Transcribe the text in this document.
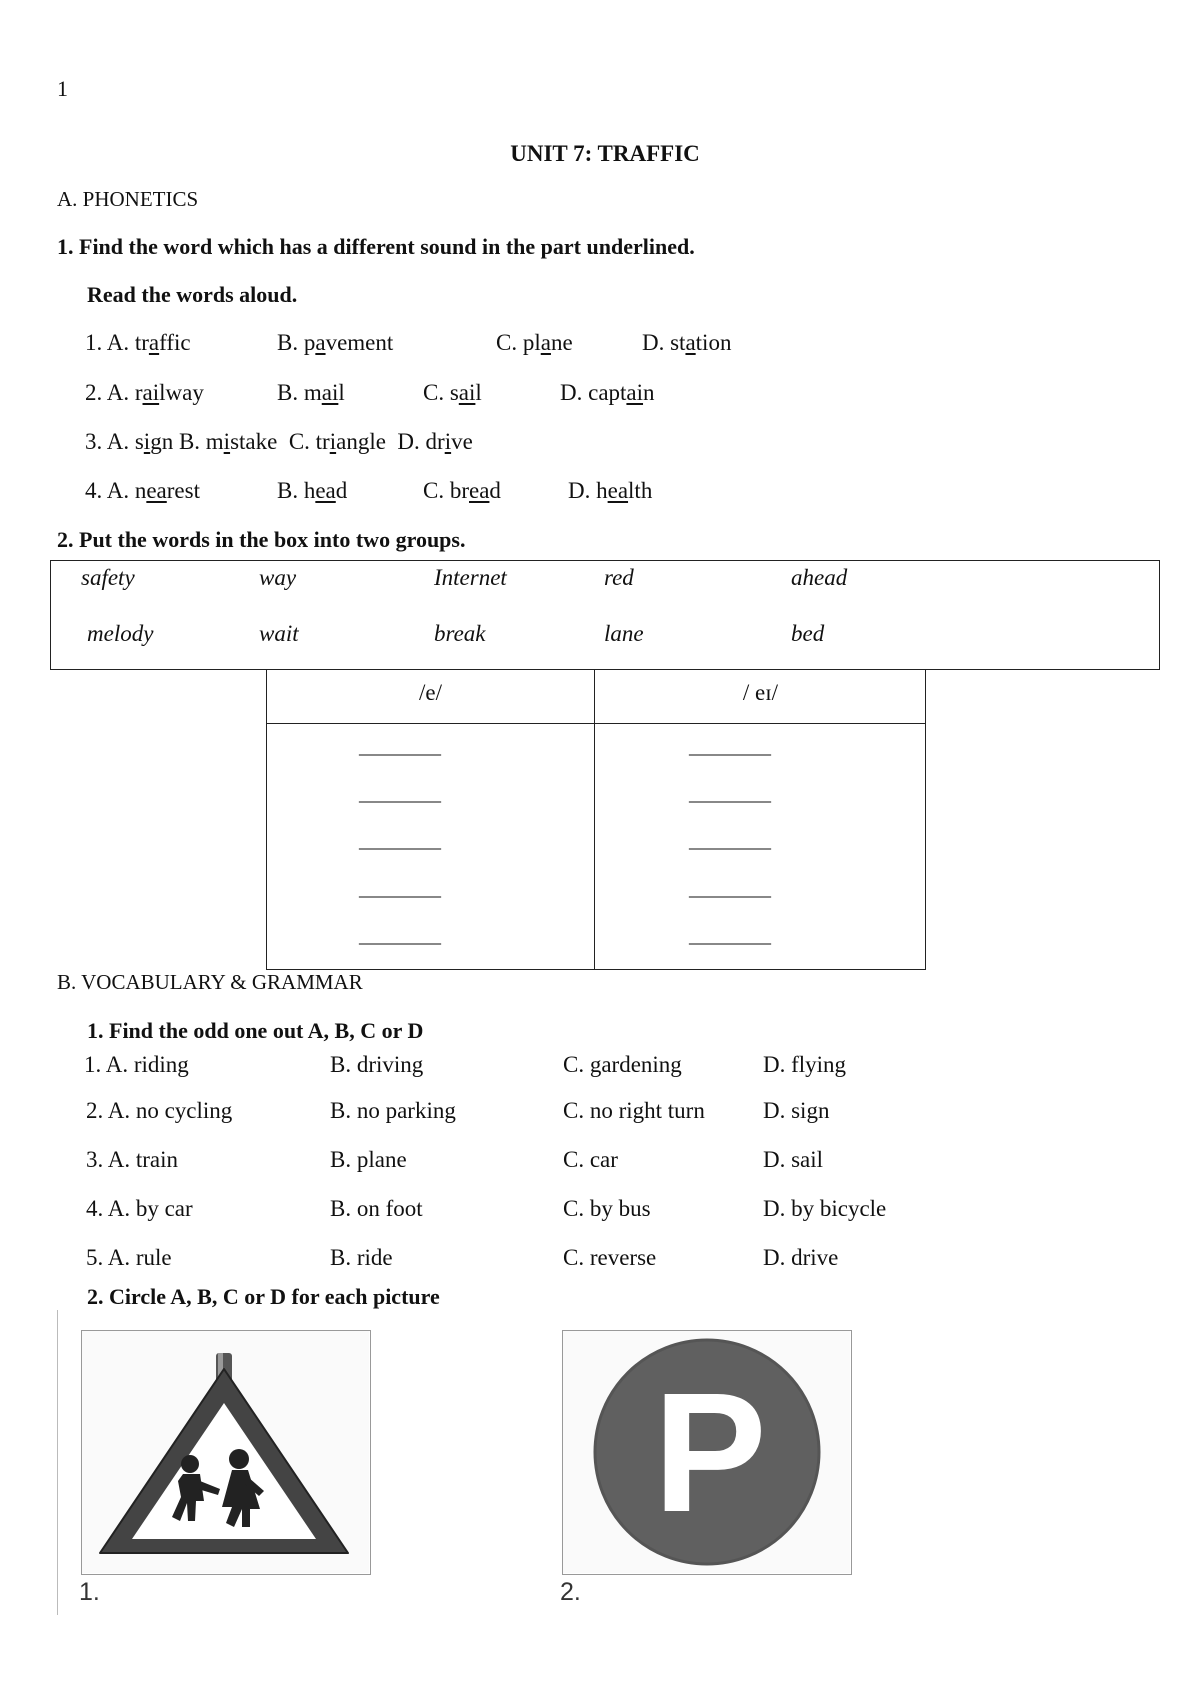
1
UNIT 7: TRAFFIC
A. PHONETICS
1. Find the word which has a different sound in the part underlined.
Read the words aloud.
1. A. traffic	B. pavement	C. plane	D. station
2. A. railway	B. mail	C. sail	D. captain
3. A. sign B. mistake  C. triangle  D. drive
4. A. nearest	B. head	C. bread	D. health
2. Put the words in the box into two groups.
safety	way	Internet	red	ahead
melody	wait	break	lane	bed
/e/	/ eɪ/
_________
_________
_________
_________
_________
_________
_________
_________
_________
_________
B. VOCABULARY & GRAMMAR
1. Find the odd one out A, B, C or D
1. A. riding	B. driving	C. gardening	D. flying
2. A. no cycling	B. no parking	C. no right turn	D. sign
3. A. train	B. plane	C. car	D. sail
4. A. by car	B. on foot	C. by bus	D. by bicycle
5. A. rule	B. ride	C. reverse	D. drive
2. Circle A, B, C or D for each picture
1.
P
2.
